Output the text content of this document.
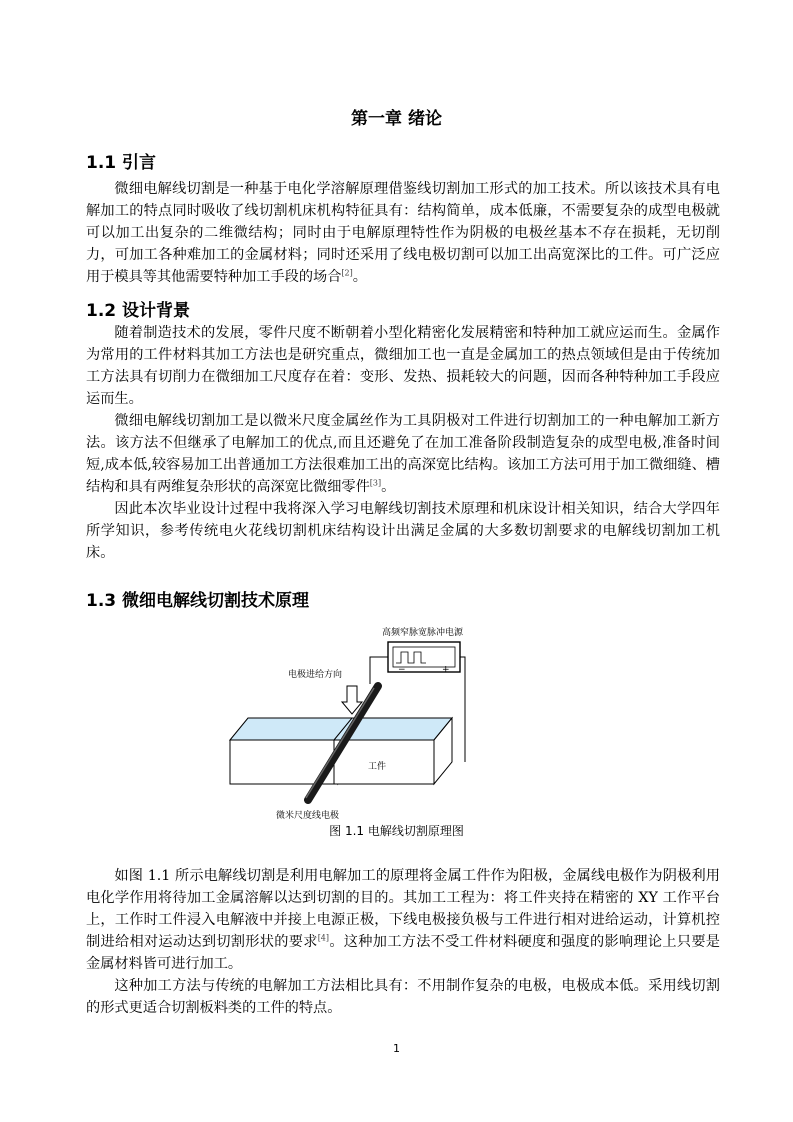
第一章 绪论
1.1 引言

微细电解线切割是一种基于电化学溶解原理借鉴线切割加工形式的加工技术。所以该技术具有电解加工的特点同时吸收了线切割机床机构特征具有：结构简单，成本低廉，不需要复杂的成型电极就可以加工出复杂的二维微结构；同时由于电解原理特性作为阴极的电极丝基本不存在损耗，无切削力，可加工各种难加工的金属材料；同时还采用了线电极切割可以加工出高宽深比的工件。可广泛应用于模具等其他需要特种加工手段的场合[2]。

1.2 设计背景

随着制造技术的发展，零件尺度不断朝着小型化精密化发展精密和特种加工就应运而生。金属作为常用的工件材料其加工方法也是研究重点，微细加工也一直是金属加工的热点领域但是由于传统加工方法具有切削力在微细加工尺度存在着：变形、发热、损耗较大的问题，因而各种特种加工手段应运而生。

微细电解线切割加工是以微米尺度金属丝作为工具阴极对工件进行切割加工的一种电解加工新方法。该方法不但继承了电解加工的优点,而且还避免了在加工准备阶段制造复杂的成型电极,准备时间短,成本低,较容易加工出普通加工方法很难加工出的高深宽比结构。该加工方法可用于加工微细缝、槽结构和具有两维复杂形状的高深宽比微细零件[3]。

因此本次毕业设计过程中我将深入学习电解线切割技术原理和机床设计相关知识，结合大学四年所学知识，参考传统电火花线切割机床结构设计出满足金属的大多数切割要求的电解线切割加工机床。

1.3 微细电解线切割技术原理
−	+
高频窄脉宽脉冲电源
电极进给方向
工件
微米尺度线电极
图 1.1 电解线切割原理图

如图 1.1 所示电解线切割是利用电解加工的原理将金属工件作为阳极，金属线电极作为阴极利用电化学作用将待加工金属溶解以达到切割的目的。其加工工程为：将工件夹持在精密的 XY 工作平台上，工作时工件浸入电解液中并接上电源正极，下线电极接负极与工件进行相对进给运动，计算机控制进给相对运动达到切割形状的要求[4]。这种加工方法不受工件材料硬度和强度的影响理论上只要是金属材料皆可进行加工。

这种加工方法与传统的电解加工方法相比具有：不用制作复杂的电极，电极成本低。采用线切割的形式更适合切割板料类的工件的特点。

1
